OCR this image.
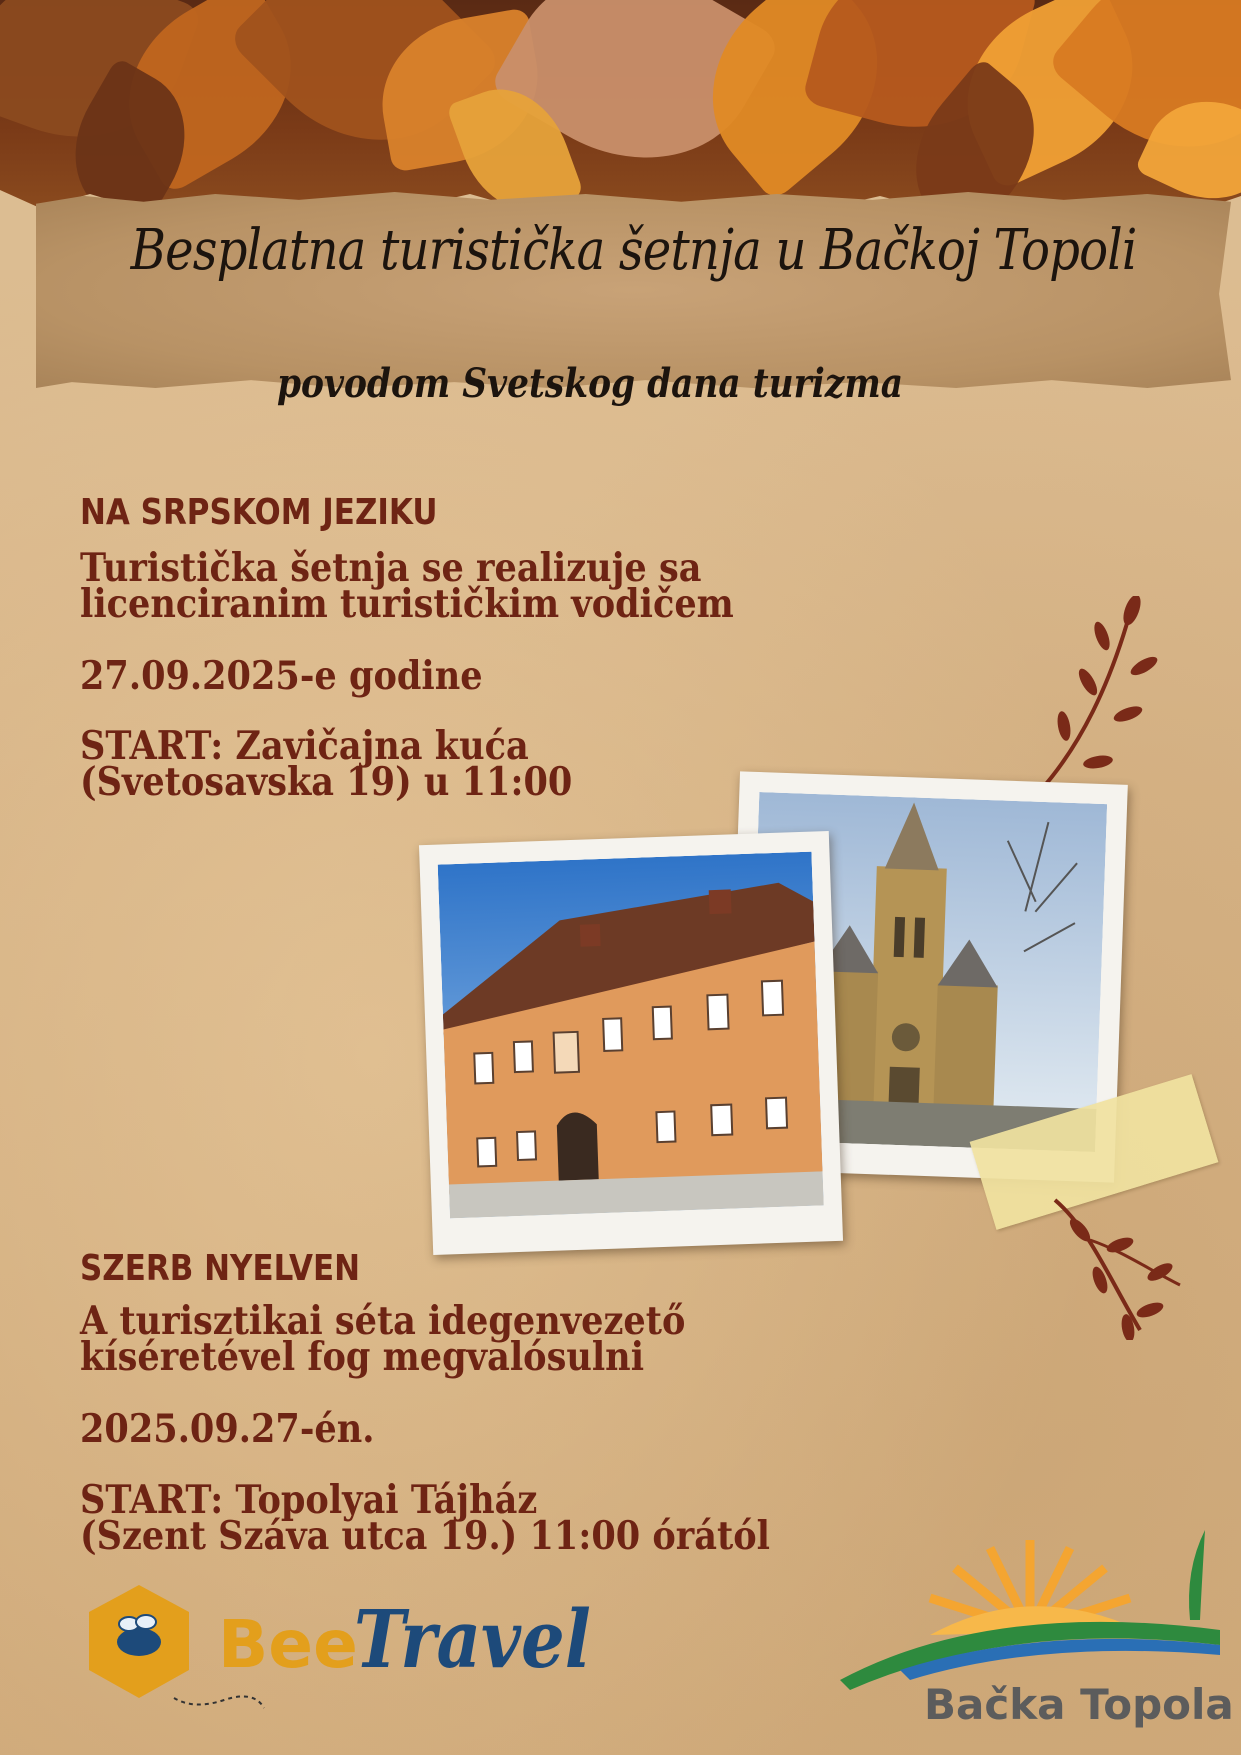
Besplatna turistička šetnja u Bačkoj Topoli
povodom Svetskog dana turizma
NA SRPSKOM JEZIKU
Turistička šetnja se realizuje sa
licenciranim turističkim vodičem
27.09.2025-e godine
START: Zavičajna kuća
(Svetosavska 19) u 11:00
SZERB NYELVEN
A turisztikai séta idegenvezető
kíséretével fog megvalósulni
2025.09.27-én.
START: Topolyai Tájház
(Szent Száva utca 19.) 11:00 órától
Bee
Travel
Bačka Topola
